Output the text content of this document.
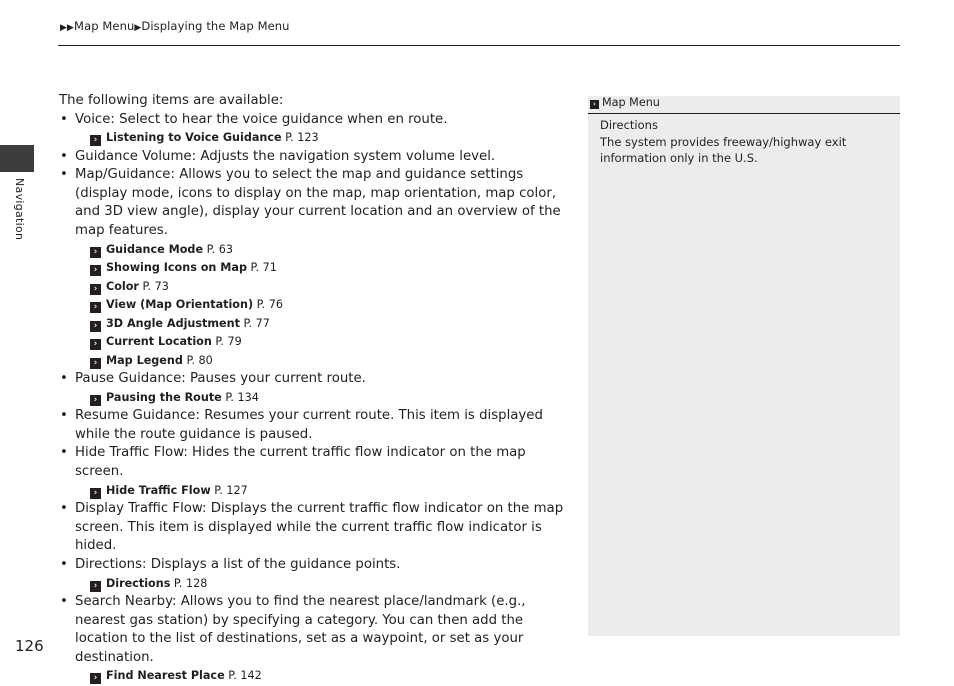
▶▶Map Menu▶Displaying the Map Menu
Navigation

The following items are available:

• Voice: Select to hear the voice guidance when en route.
› Listening to Voice Guidance P. 123
• Guidance Volume: Adjusts the navigation system volume level.
• Map/Guidance: Allows you to select the map and guidance settings (display mode, icons to display on the map, map orientation, map color, and 3D view angle), display your current location and an overview of the map features.
› Guidance Mode P. 63
› Showing Icons on Map P. 71
› Color P. 73
› View (Map Orientation) P. 76
› 3D Angle Adjustment P. 77
› Current Location P. 79
› Map Legend P. 80
• Pause Guidance: Pauses your current route.
› Pausing the Route P. 134
• Resume Guidance: Resumes your current route. This item is displayed while the route guidance is paused.
• Hide Traffic Flow: Hides the current traffic flow indicator on the map screen.
› Hide Traffic Flow P. 127
• Display Traffic Flow: Displays the current traffic flow indicator on the map screen. This item is displayed while the current traffic flow indicator is hided.
• Directions: Displays a list of the guidance points.
› Directions P. 128
• Search Nearby: Allows you to find the nearest place/landmark (e.g., nearest gas station) by specifying a category. You can then add the location to the list of destinations, set as a waypoint, or set as your destination.
› Find Nearest Place P. 142
› Map Menu
Directions
The system provides freeway/highway exit information only in the U.S.
126
